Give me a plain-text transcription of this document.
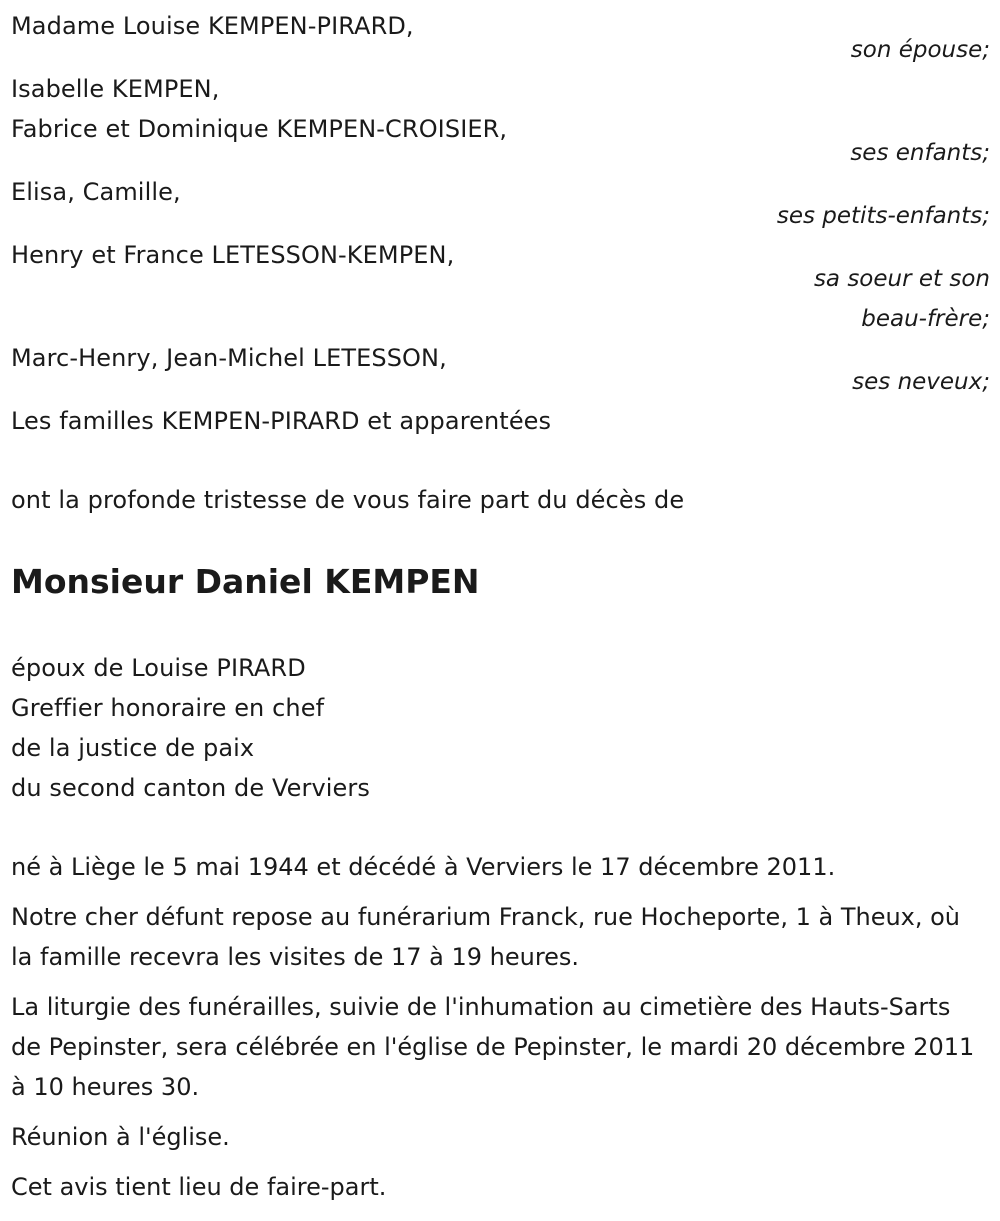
Madame Louise KEMPEN-PIRARD,
son épouse;
Isabelle KEMPEN,
Fabrice et Dominique KEMPEN-CROISIER,
ses enfants;
Elisa, Camille,
ses petits-enfants;
Henry et France LETESSON-KEMPEN,
sa soeur et son
beau-frère;
Marc-Henry, Jean-Michel LETESSON,
ses neveux;
Les familles KEMPEN-PIRARD et apparentées
ont la profonde tristesse de vous faire part du décès de
Monsieur Daniel KEMPEN
époux de Louise PIRARD
Greffier honoraire en chef
de la justice de paix
du second canton de Verviers
né à Liège le 5 mai 1944 et décédé à Verviers le 17 décembre 2011.
Notre cher défunt repose au funérarium Franck, rue Hocheporte, 1 à Theux, où la famille recevra les visites de 17 à 19 heures.
La liturgie des funérailles, suivie de l'inhumation au cimetière des Hauts-Sarts de Pepinster, sera célébrée en l'église de Pepinster, le mardi 20 décembre 2011 à 10 heures 30.
Réunion à l'église.
Cet avis tient lieu de faire-part.
